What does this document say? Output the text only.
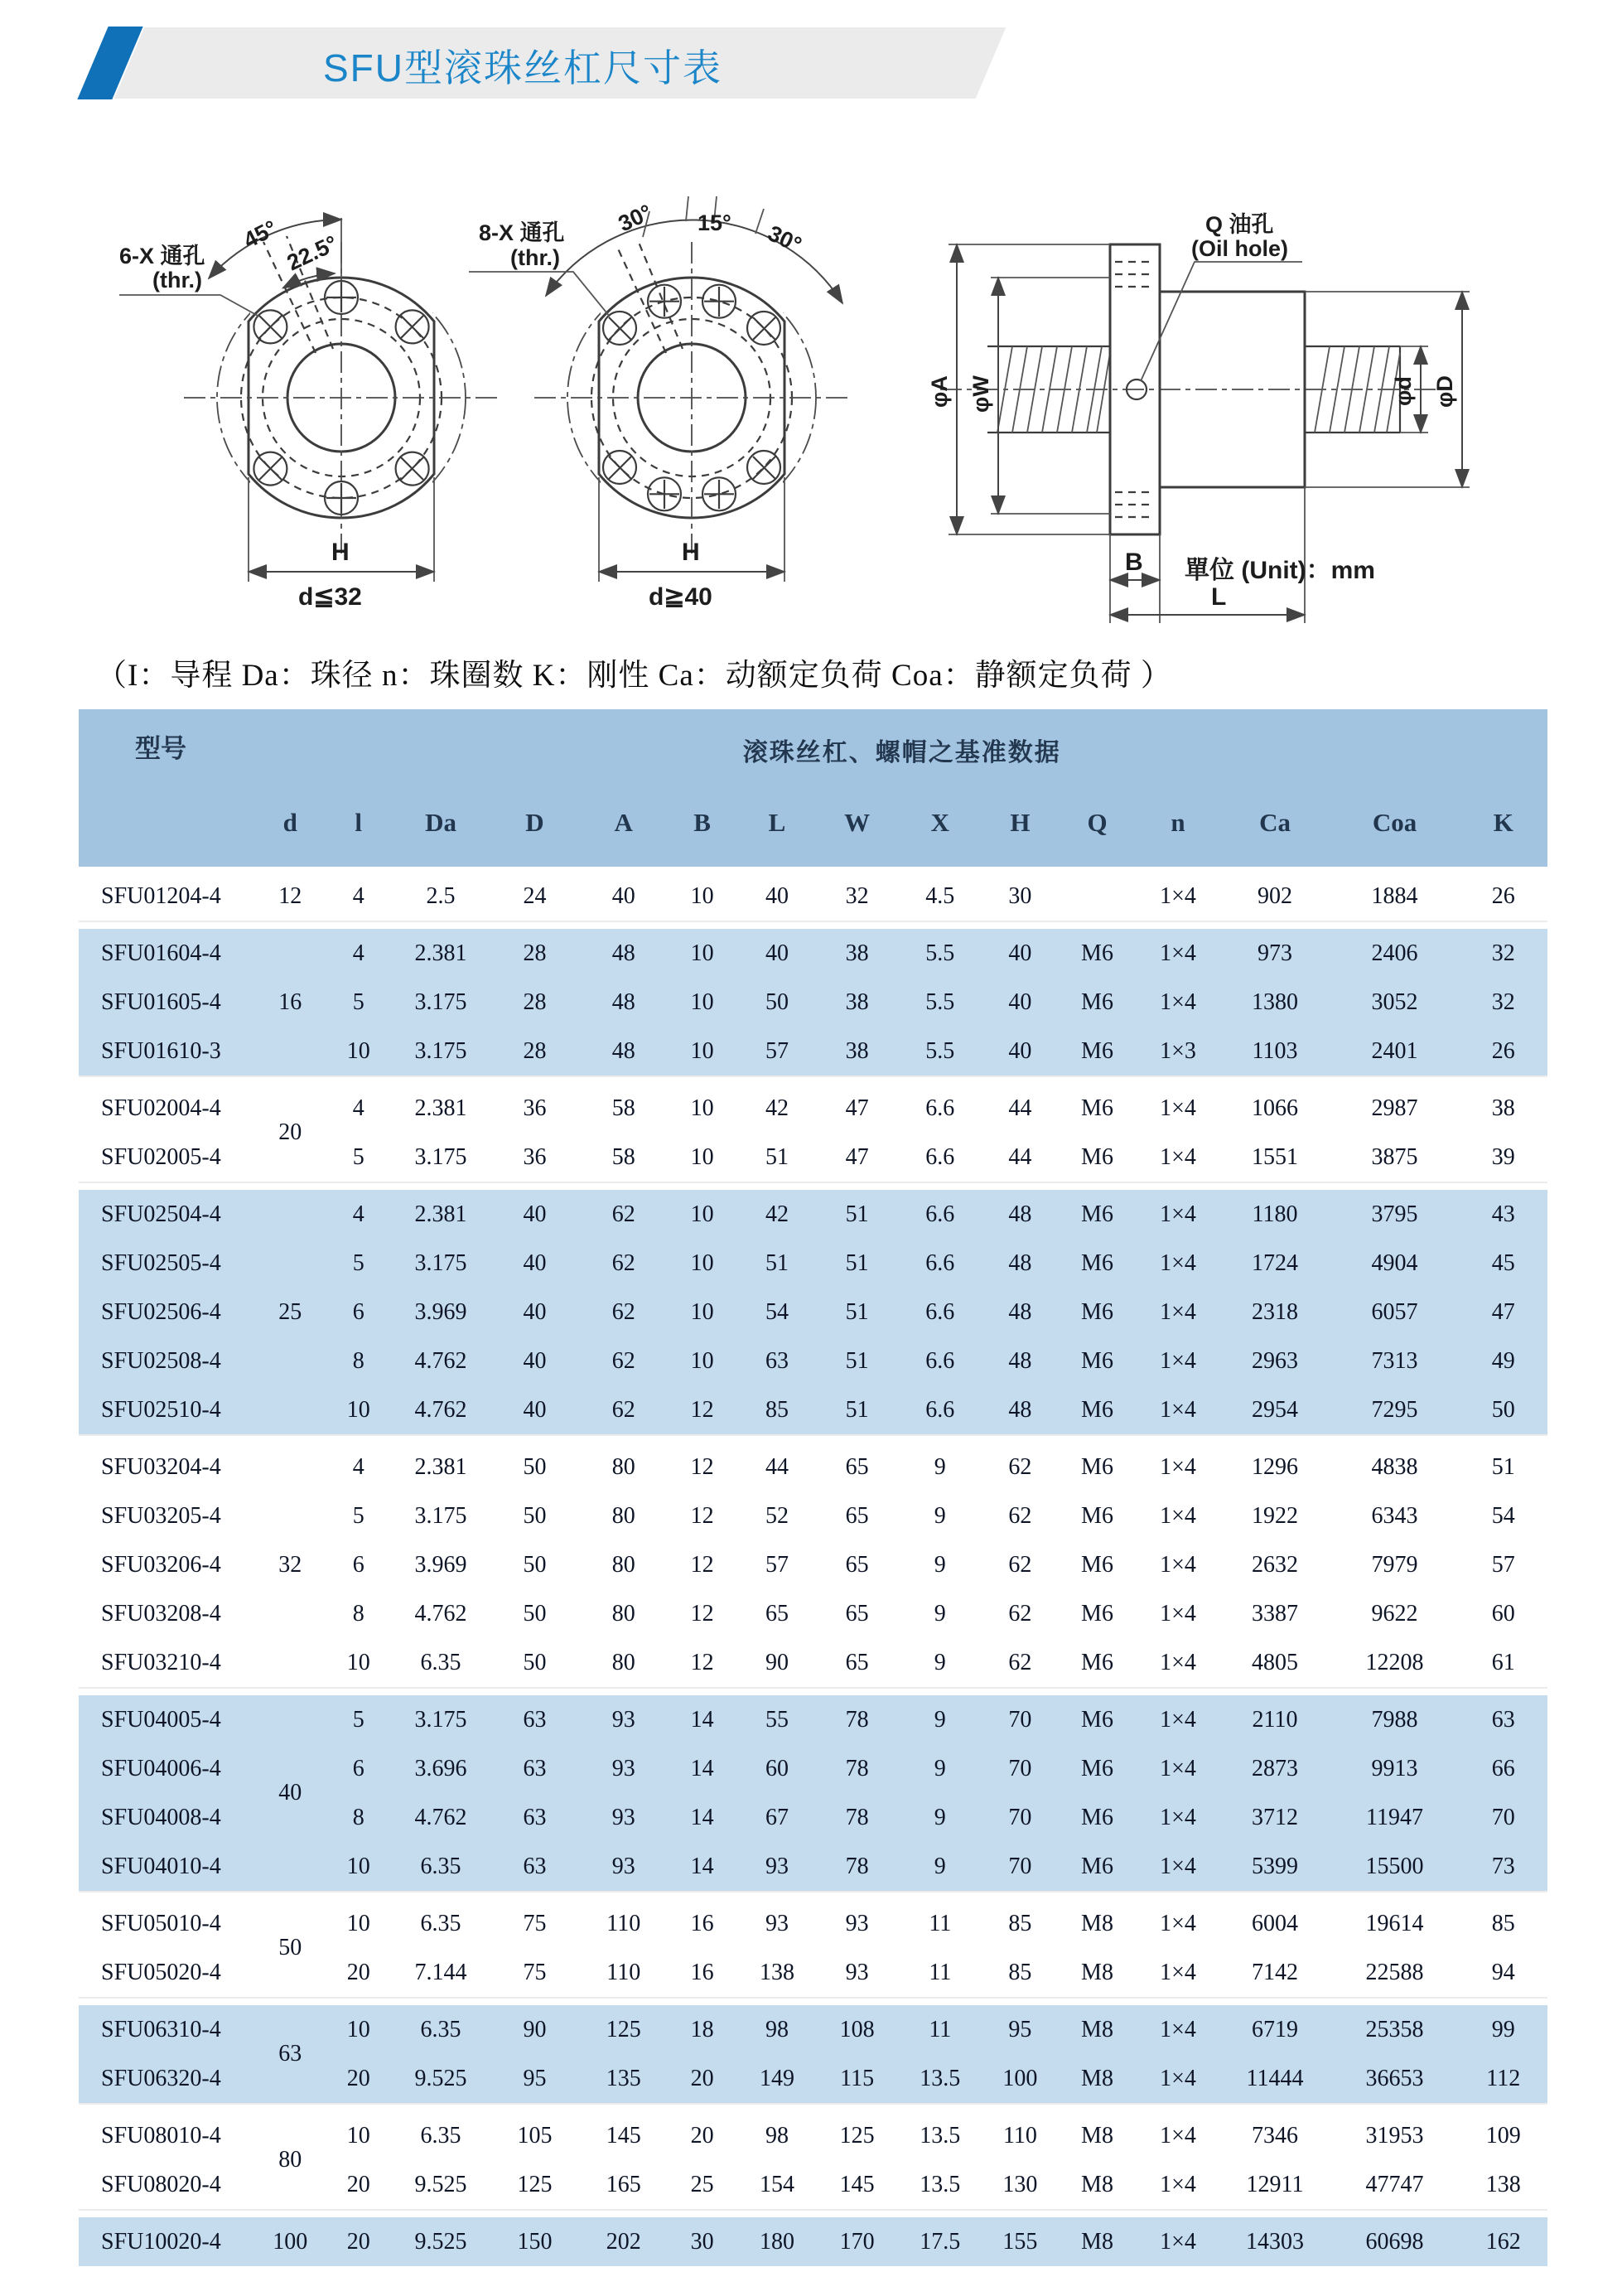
SFU型滚珠丝杠尺寸表
45° 22.5°
6-X 通孔
(thr.)
H
d≦32
30° 15° 30°
8-X 通孔
(thr.)
H
d≧40
Q 油孔
(Oil hole)
φA φW	φd φD
B
L
單位 (Unit)：mm
（I：导程 Da：珠径 n：珠圈数 K：刚性 Ca：动额定负荷 Coa：静额定负荷 ）
型号	滚珠丝杠、螺帽之基准数据														
	d	l	Da	D	A	B	L	W	X	H	Q	n	Ca	Coa	K
SFU01204-4	12	4	2.5	24	40	10	40	32	4.5	30		1×4	902	1884	26

SFU01604-4	16	4	2.381	28	48	10	40	38	5.5	40	M6	1×4	973	2406	32
SFU01605-4		5	3.175	28	48	10	50	38	5.5	40	M6	1×4	1380	3052	32
SFU01610-3		10	3.175	28	48	10	57	38	5.5	40	M6	1×3	1103	2401	26

SFU02004-4	20	4	2.381	36	58	10	42	47	6.6	44	M6	1×4	1066	2987	38
SFU02005-4		5	3.175	36	58	10	51	47	6.6	44	M6	1×4	1551	3875	39

SFU02504-4	25	4	2.381	40	62	10	42	51	6.6	48	M6	1×4	1180	3795	43
SFU02505-4		5	3.175	40	62	10	51	51	6.6	48	M6	1×4	1724	4904	45
SFU02506-4		6	3.969	40	62	10	54	51	6.6	48	M6	1×4	2318	6057	47
SFU02508-4		8	4.762	40	62	10	63	51	6.6	48	M6	1×4	2963	7313	49
SFU02510-4		10	4.762	40	62	12	85	51	6.6	48	M6	1×4	2954	7295	50

SFU03204-4	32	4	2.381	50	80	12	44	65	9	62	M6	1×4	1296	4838	51
SFU03205-4		5	3.175	50	80	12	52	65	9	62	M6	1×4	1922	6343	54
SFU03206-4		6	3.969	50	80	12	57	65	9	62	M6	1×4	2632	7979	57
SFU03208-4		8	4.762	50	80	12	65	65	9	62	M6	1×4	3387	9622	60
SFU03210-4		10	6.35	50	80	12	90	65	9	62	M6	1×4	4805	12208	61

SFU04005-4	40	5	3.175	63	93	14	55	78	9	70	M6	1×4	2110	7988	63
SFU04006-4		6	3.696	63	93	14	60	78	9	70	M6	1×4	2873	9913	66
SFU04008-4		8	4.762	63	93	14	67	78	9	70	M6	1×4	3712	11947	70
SFU04010-4		10	6.35	63	93	14	93	78	9	70	M6	1×4	5399	15500	73

SFU05010-4	50	10	6.35	75	110	16	93	93	11	85	M8	1×4	6004	19614	85
SFU05020-4		20	7.144	75	110	16	138	93	11	85	M8	1×4	7142	22588	94

SFU06310-4	63	10	6.35	90	125	18	98	108	11	95	M8	1×4	6719	25358	99
SFU06320-4		20	9.525	95	135	20	149	115	13.5	100	M8	1×4	11444	36653	112

SFU08010-4	80	10	6.35	105	145	20	98	125	13.5	110	M8	1×4	7346	31953	109
SFU08020-4		20	9.525	125	165	25	154	145	13.5	130	M8	1×4	12911	47747	138

SFU10020-4	100	20	9.525	150	202	30	180	170	17.5	155	M8	1×4	14303	60698	162
